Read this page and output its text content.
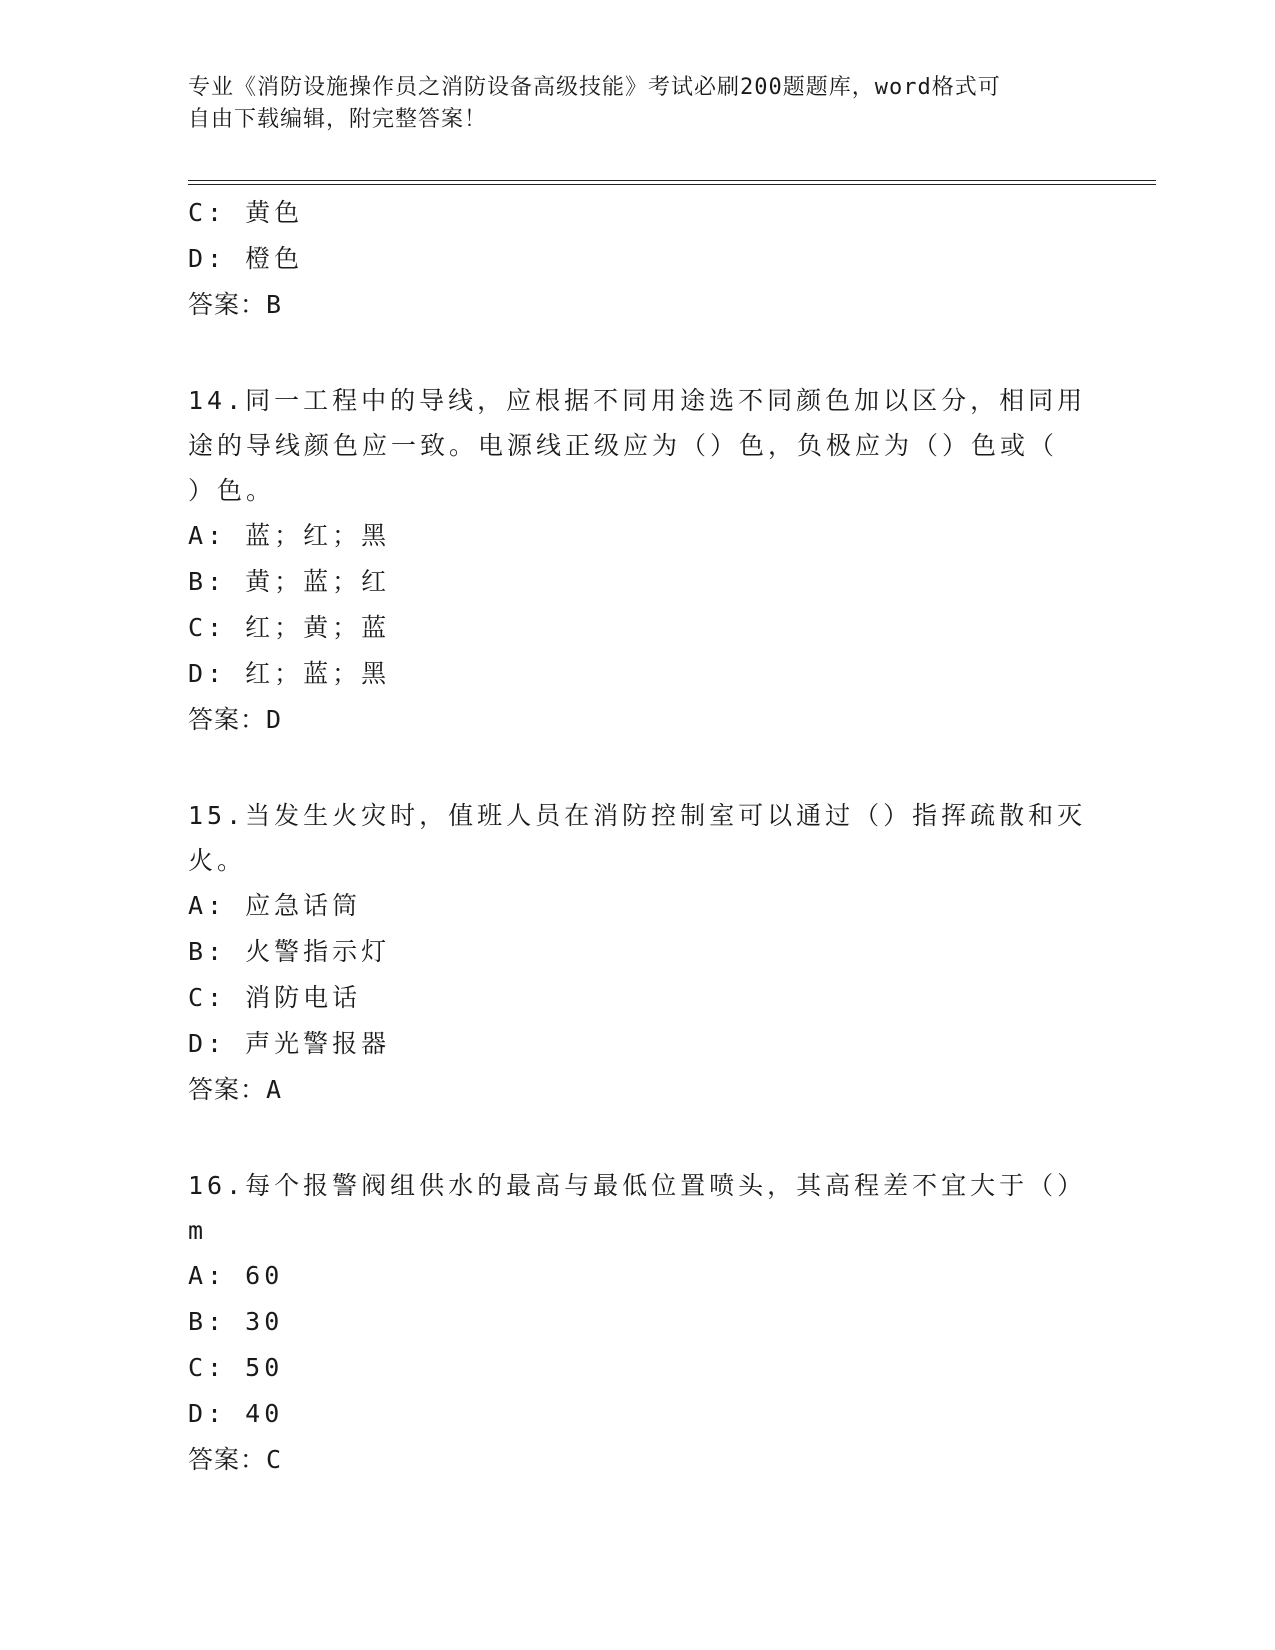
专业《消防设施操作员之消防设备高级技能》考试必刷200题题库，word格式可
自由下载编辑，附完整答案！
C: 黄色
D: 橙色
答案：B
14.同一工程中的导线，应根据不同用途选不同颜色加以区分，相同用
途的导线颜色应一致。电源线正级应为（）色，负极应为（）色或（
）色。
A: 蓝；红；黑
B: 黄；蓝；红
C: 红；黄；蓝
D: 红；蓝；黑
答案：D
15.当发生火灾时，值班人员在消防控制室可以通过（）指挥疏散和灭
火。
A: 应急话筒
B: 火警指示灯
C: 消防电话
D: 声光警报器
答案：A
16.每个报警阀组供水的最高与最低位置喷头，其高程差不宜大于（）
m
A: 60
B: 30
C: 50
D: 40
答案：C
